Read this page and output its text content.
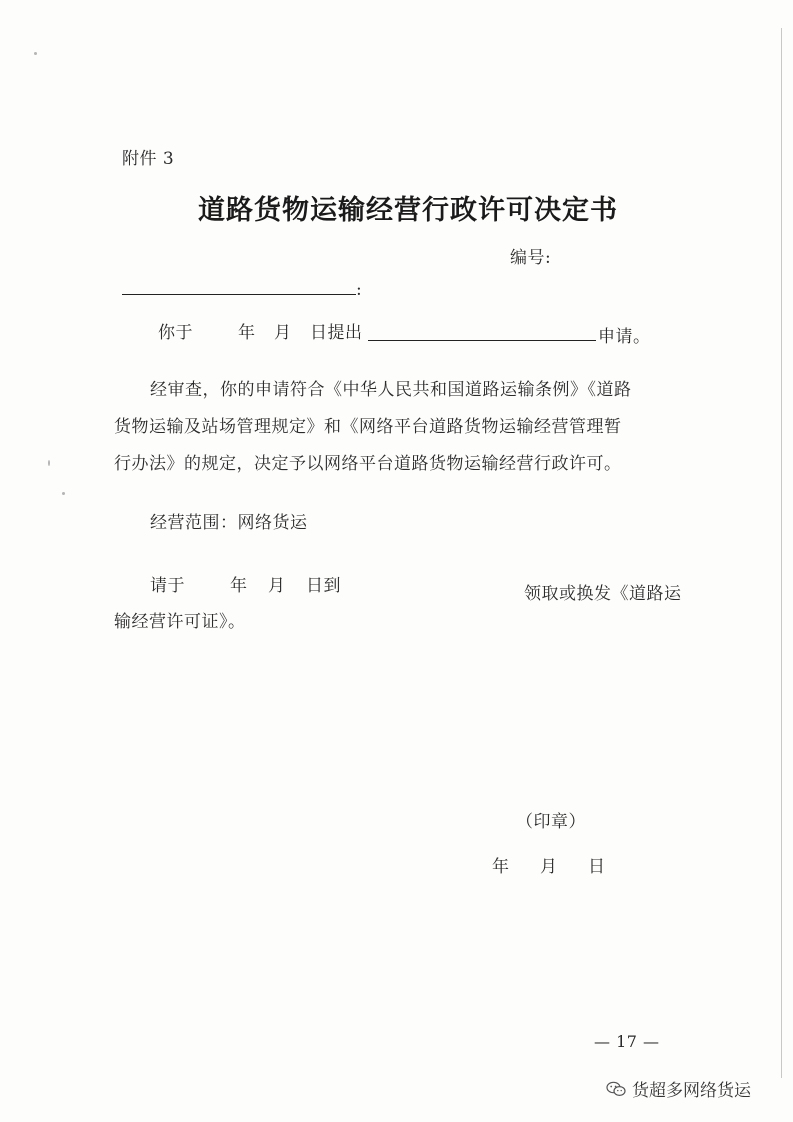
附件 3
道路货物运输经营行政许可决定书
编号:
:
你于	年 月 日提出	申请。
经审查，你的申请符合《中华人民共和国道路运输条例》《道路
货物运输及站场管理规定》和《网络平台道路货物运输经营管理暂
行办法》的规定，决定予以网络平台道路货物运输经营行政许可。
经营范围：网络货运
请于	年 月 日到	领取或换发《道路运
输经营许可证》。
（印章）
年 月 日
— 17 —
货超多网络货运
